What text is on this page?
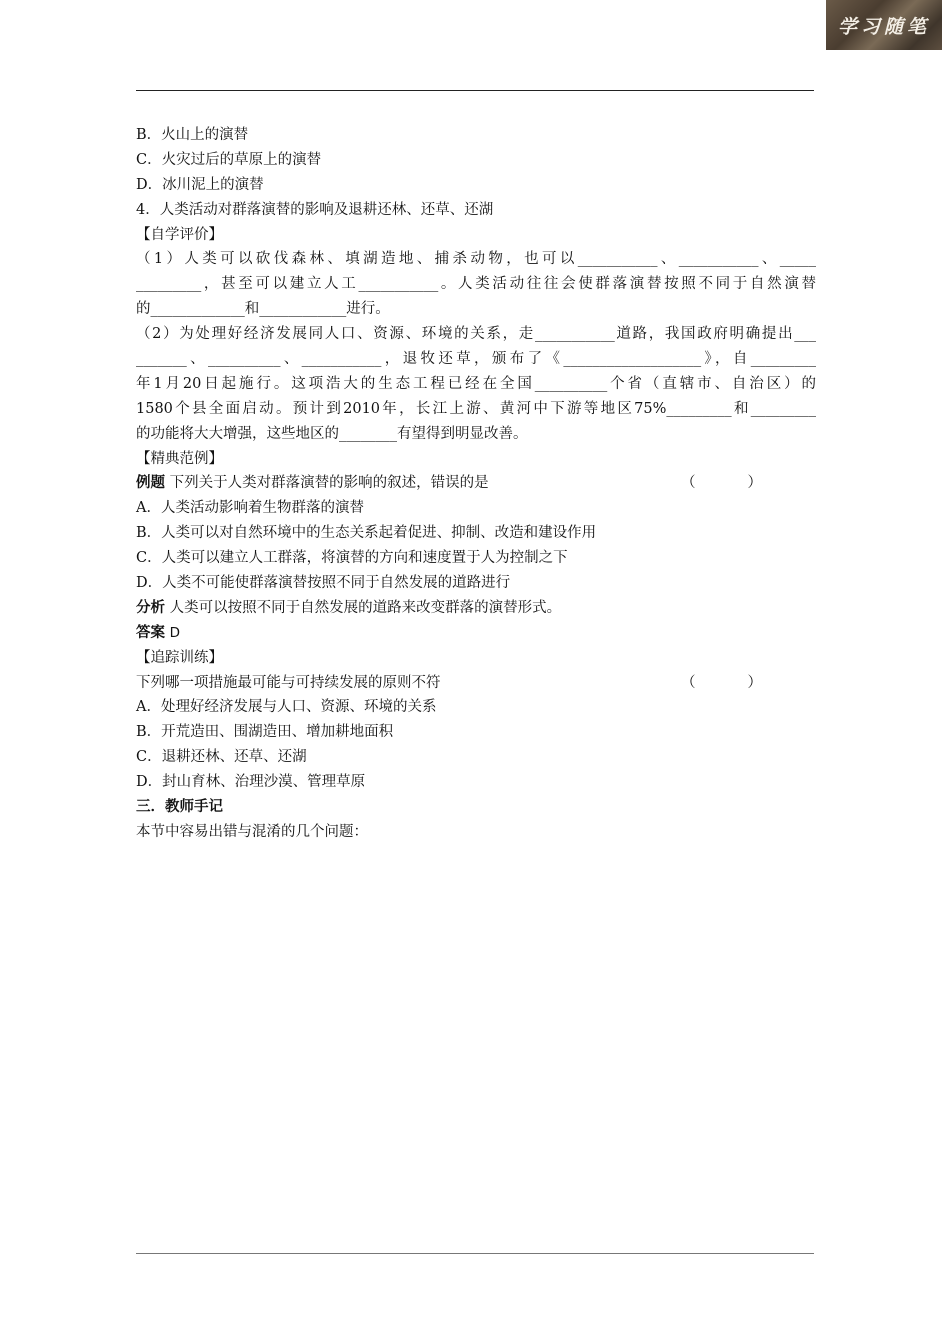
学习随笔
B．火山上的演替
C．火灾过后的草原上的演替
D．冰川泥上的演替
4．人类活动对群落演替的影响及退耕还林、还草、还湖
【自学评价】
（1）人类可以砍伐森林、填湖造地、捕杀动物，也可以___________、___________、_____
_________，甚至可以建立人工___________。人类活动往往会使群落演替按照不同于自然演替
的_____________和____________进行。
（2）为处理好经济发展同人口、资源、环境的关系，走___________道路，我国政府明确提出___
_______、__________、___________，退牧还草，颁布了《___________________》，自_________
年1月20日起施行。这项浩大的生态工程已经在全国__________个省（直辖市、自治区）的
1580个县全面启动。预计到2010年，长江上游、黄河中下游等地区75%_________和_________
的功能将大大增强，这些地区的________有望得到明显改善。
【精典范例】
例题 下列关于人类对群落演替的影响的叙述，错误的是	（	）
A．人类活动影响着生物群落的演替
B．人类可以对自然环境中的生态关系起着促进、抑制、改造和建设作用
C．人类可以建立人工群落，将演替的方向和速度置于人为控制之下
D．人类不可能使群落演替按照不同于自然发展的道路进行
分析 人类可以按照不同于自然发展的道路来改变群落的演替形式。
答案 D
【追踪训练】
下列哪一项措施最可能与可持续发展的原则不符	（	）
A．处理好经济发展与人口、资源、环境的关系
B．开荒造田、围湖造田、增加耕地面积
C．退耕还林、还草、还湖
D．封山育林、治理沙漠、管理草原
三．教师手记
本节中容易出错与混淆的几个问题：
